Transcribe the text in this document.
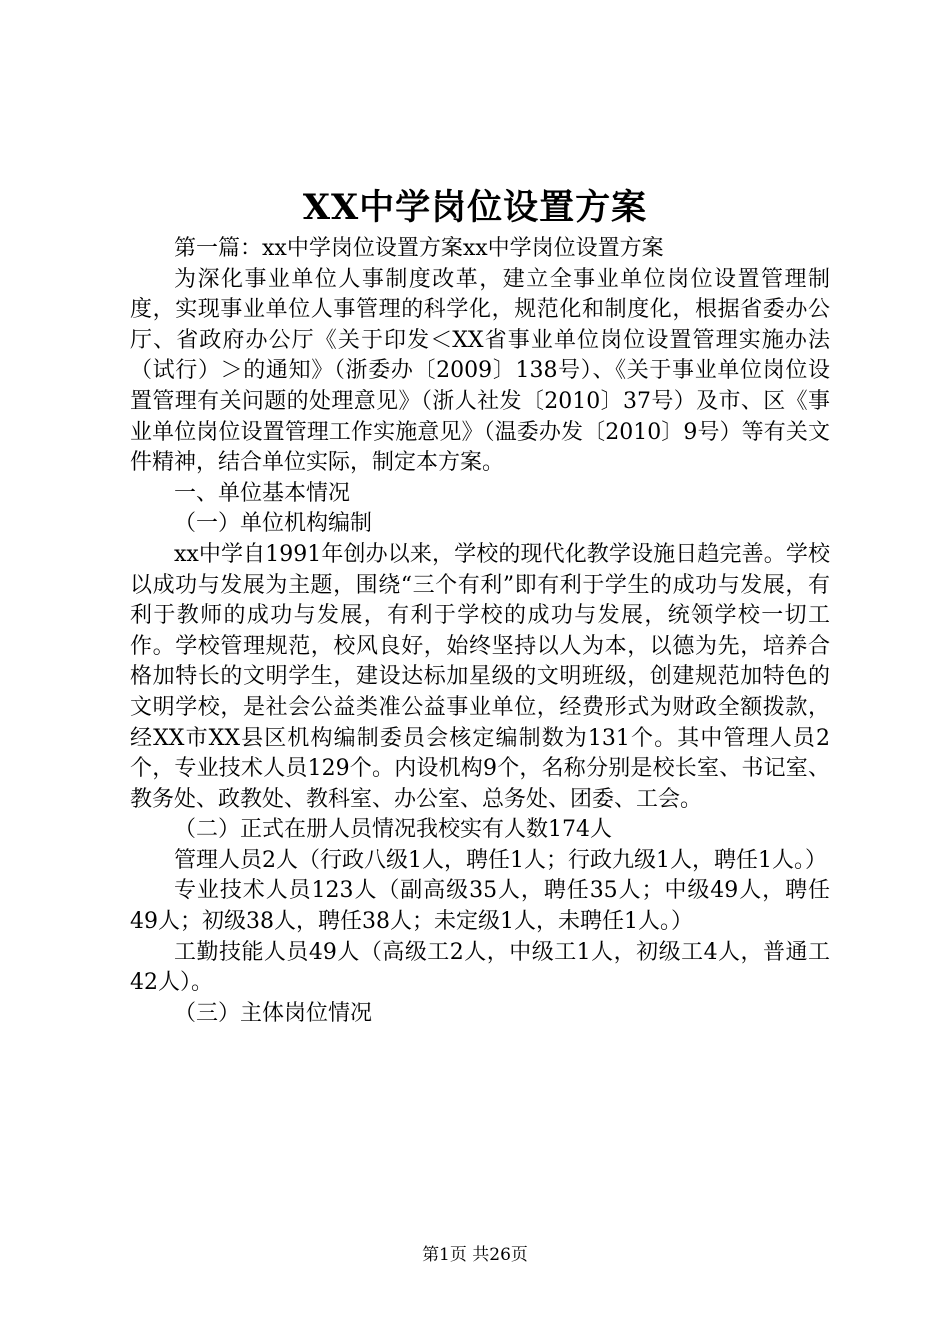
XX中学岗位设置方案

第一篇：xx中学岗位设置方案xx中学岗位设置方案

为深化事业单位人事制度改革，建立全事业单位岗位设置管理制度，实现事业单位人事管理的科学化，规范化和制度化，根据省委办公厅、省政府办公厅《关于印发＜XX省事业单位岗位设置管理实施办法（试行）＞的通知》（浙委办〔2009〕138号）、《关于事业单位岗位设置管理有关问题的处理意见》（浙人社发〔2010〕37号）及市、区《事业单位岗位设置管理工作实施意见》（温委办发〔2010〕9号）等有关文件精神，结合单位实际，制定本方案。

一、单位基本情况

（一）单位机构编制

xx中学自1991年创办以来，学校的现代化教学设施日趋完善。学校以成功与发展为主题，围绕“三个有利”即有利于学生的成功与发展，有利于教师的成功与发展，有利于学校的成功与发展，统领学校一切工作。学校管理规范，校风良好，始终坚持以人为本，以德为先，培养合格加特长的文明学生，建设达标加星级的文明班级，创建规范加特色的文明学校，是社会公益类准公益事业单位，经费形式为财政全额拨款，经XX市XX县区机构编制委员会核定编制数为131个。其中管理人员2个，专业技术人员129个。内设机构9个，名称分别是校长室、书记室、教务处、政教处、教科室、办公室、总务处、团委、工会。

（二）正式在册人员情况我校实有人数174人

管理人员2人（行政八级1人，聘任1人；行政九级1人，聘任1人。）

专业技术人员123人（副高级35人，聘任35人；中级49人，聘任49人；初级38人，聘任38人；未定级1人，未聘任1人。）

工勤技能人员49人（高级工2人，中级工1人，初级工4人，普通工42人）。

（三）主体岗位情况

第1页 共26页
